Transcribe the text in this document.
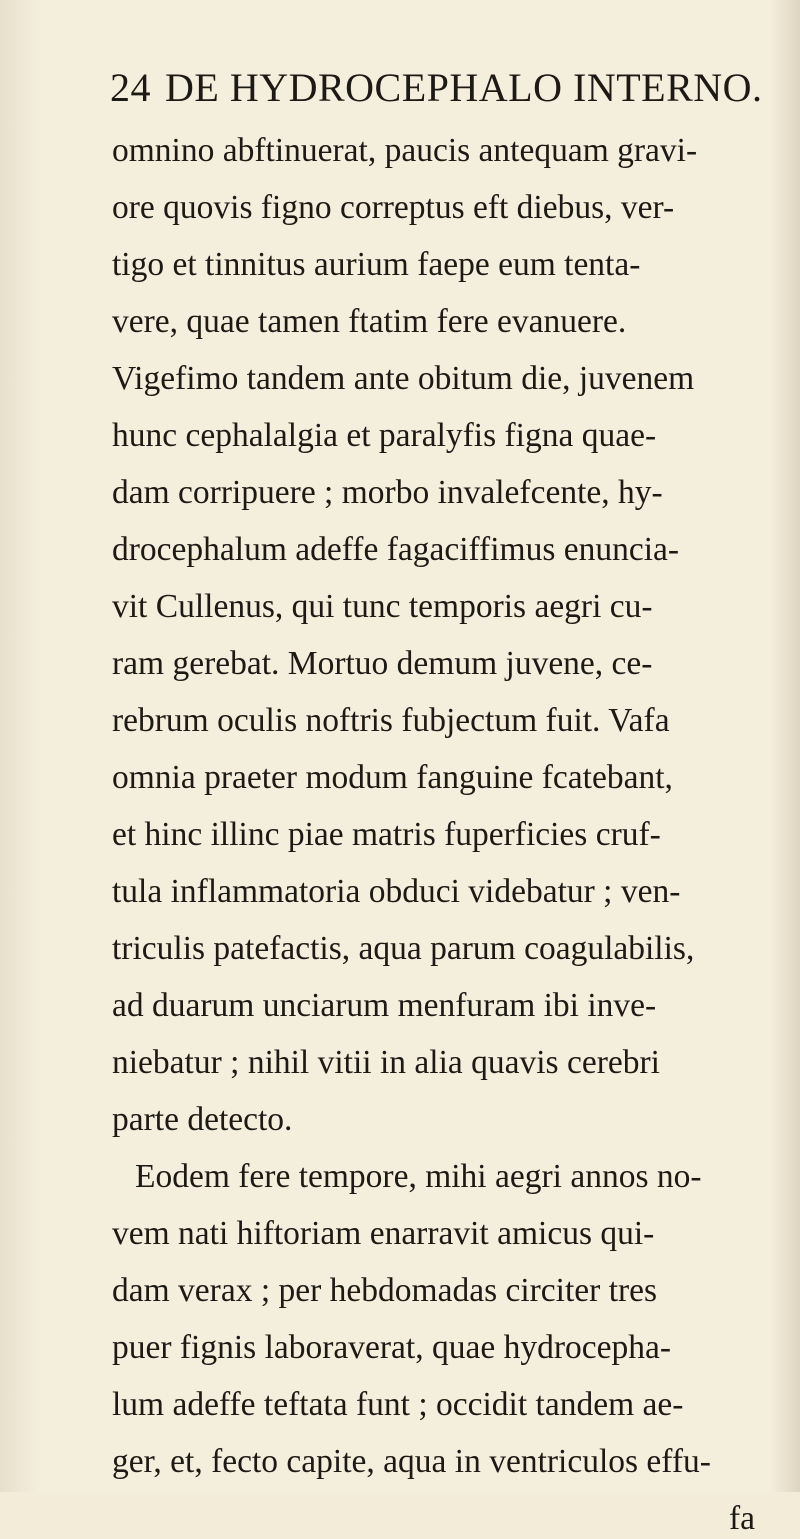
24 DE HYDROCEPHALO INTERNO.
omnino abftinuerat, paucis antequam gravi-
ore quovis figno correptus eft diebus, ver-
tigo et tinnitus aurium faepe eum tenta-
vere, quae tamen ftatim fere evanuere.
Vigefimo tandem ante obitum die, juvenem
hunc cephalalgia et paralyfis figna quae-
dam corripuere ; morbo invalefcente, hy-
drocephalum adeffe fagaciffimus enuncia-
vit Cullenus, qui tunc temporis aegri cu-
ram gerebat. Mortuo demum juvene, ce-
rebrum oculis noftris fubjectum fuit. Vafa
omnia praeter modum fanguine fcatebant,
et hinc illinc piae matris fuperficies cruf-
tula inflammatoria obduci videbatur ; ven-
triculis patefactis, aqua parum coagulabilis,
ad duarum unciarum menfuram ibi inve-
niebatur ; nihil vitii in alia quavis cerebri
parte detecto.
Eodem fere tempore, mihi aegri annos no-
vem nati hiftoriam enarravit amicus qui-
dam verax ; per hebdomadas circiter tres
puer fignis laboraverat, quae hydrocepha-
lum adeffe teftata funt ; occidit tandem ae-
ger, et, fecto capite, aqua in ventriculos effu-
fa
